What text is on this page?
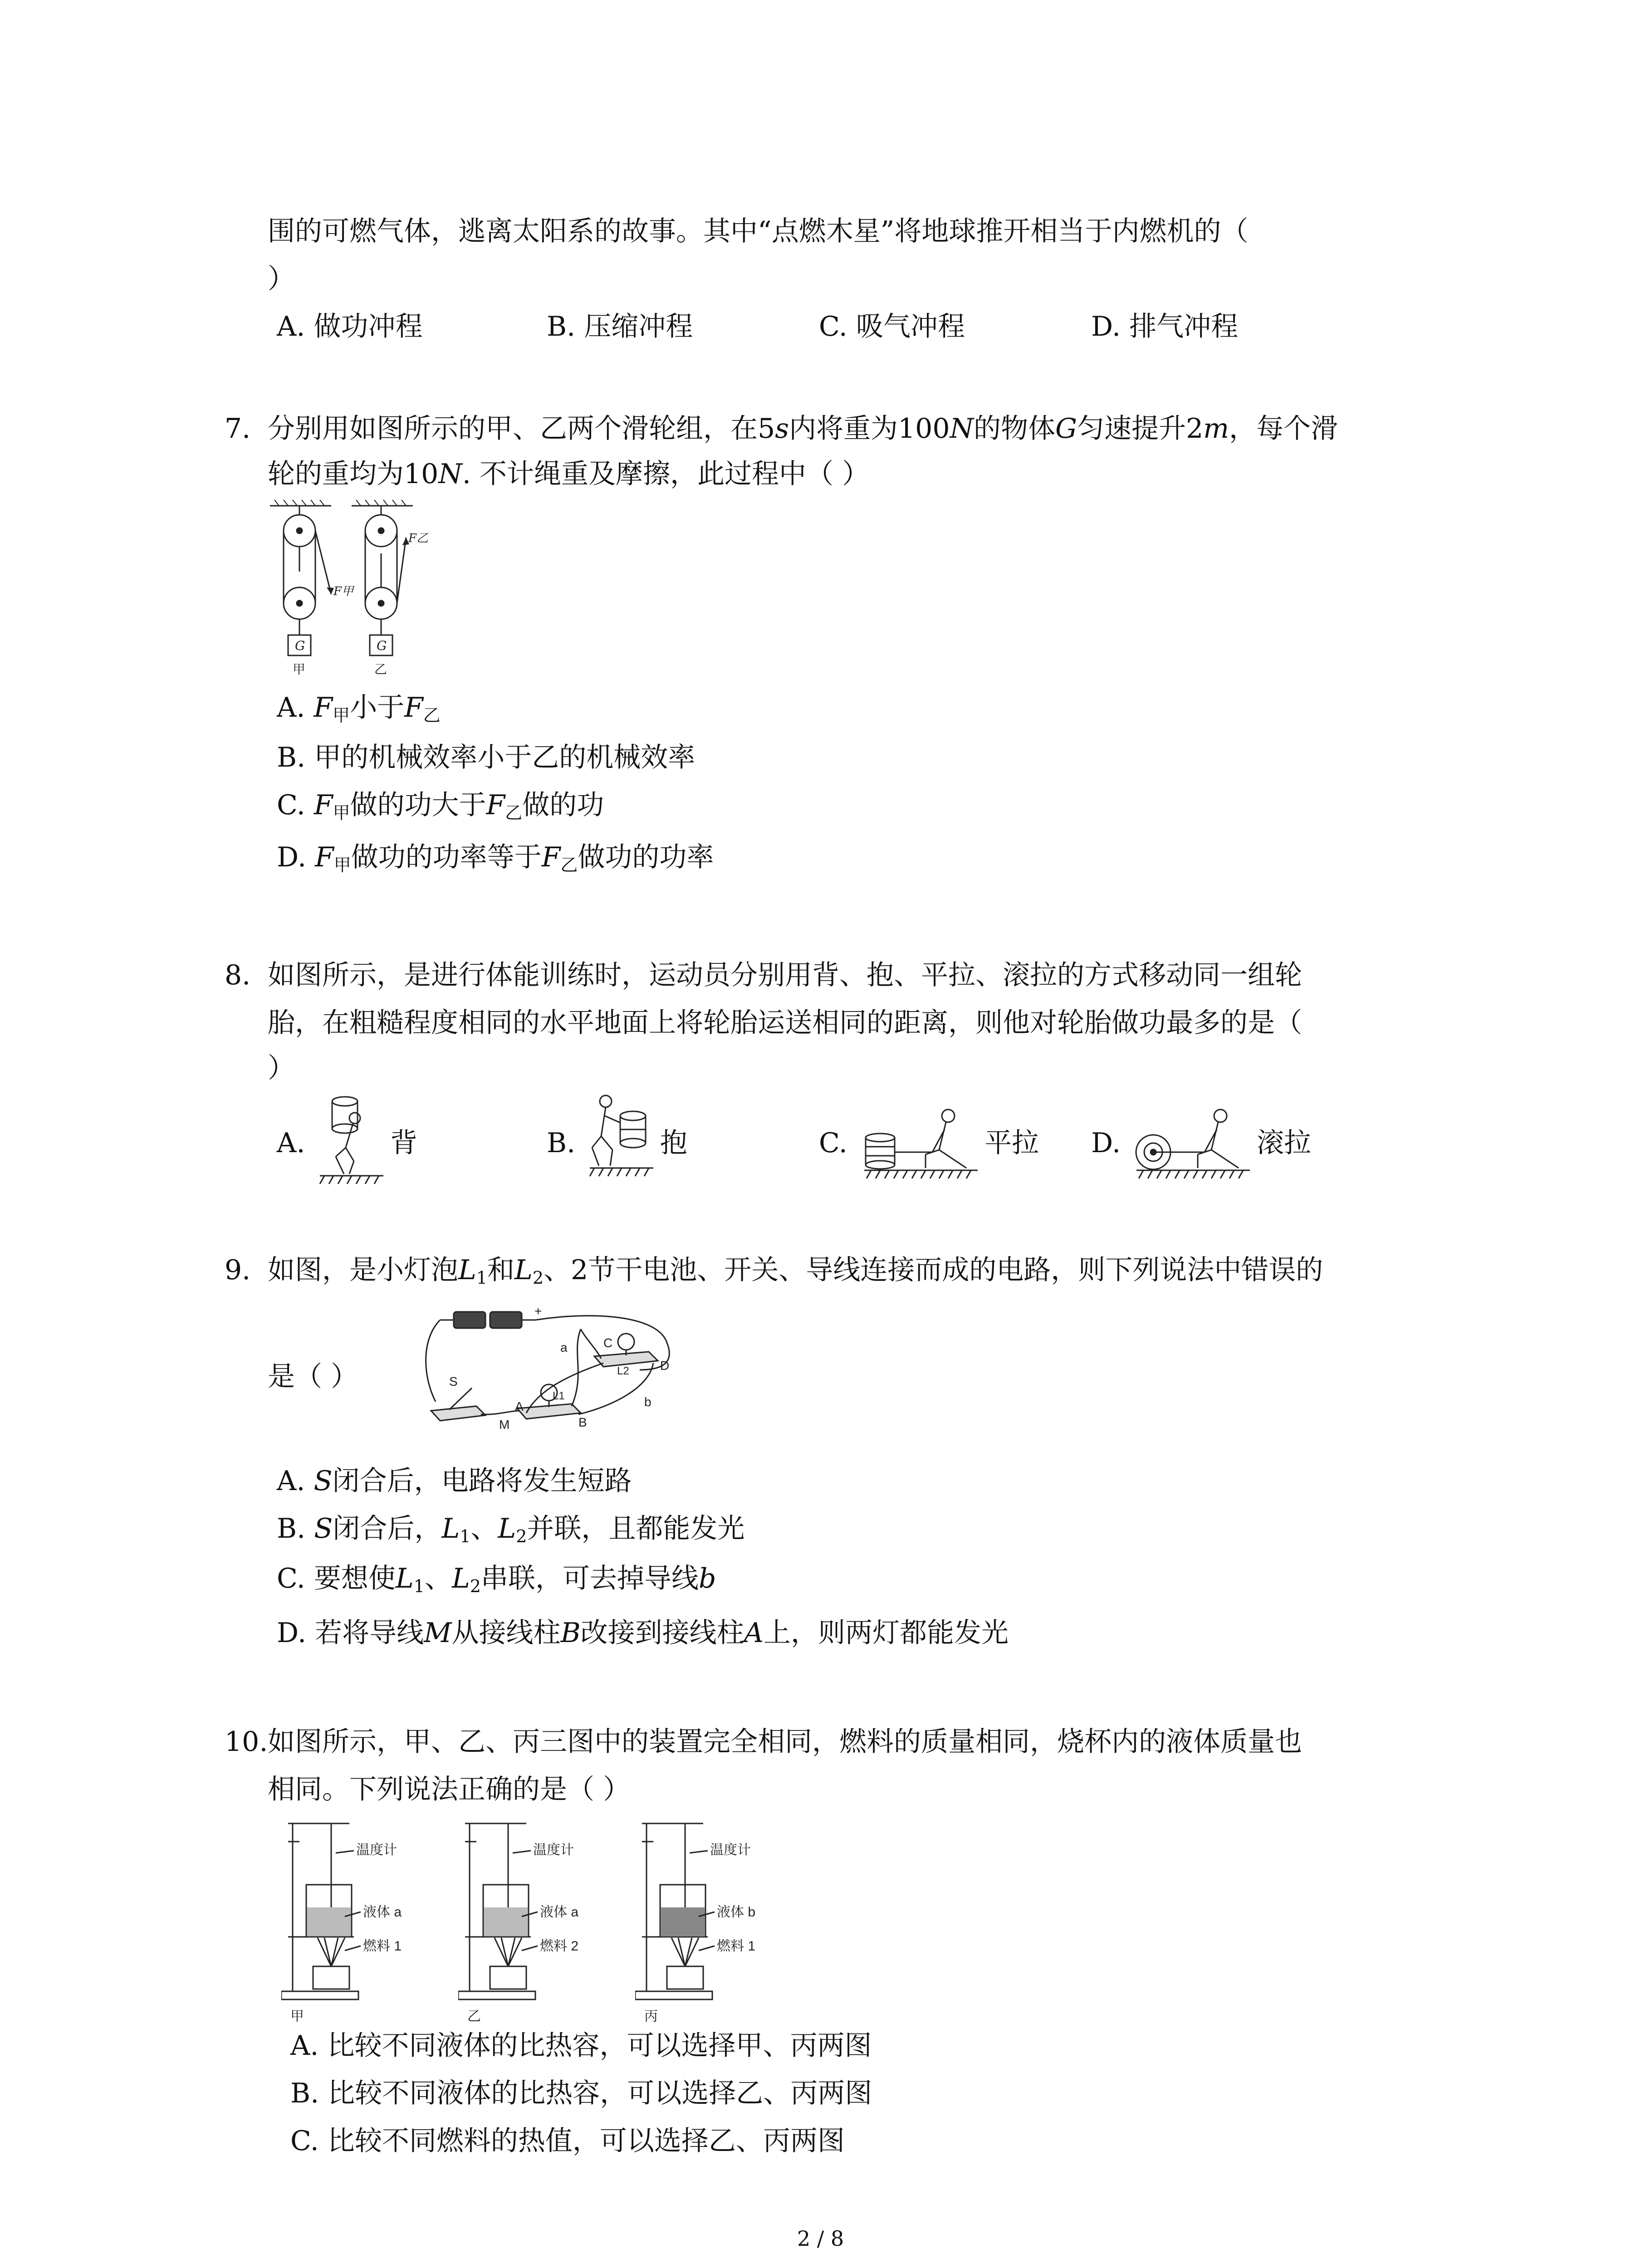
围的可燃气体，逃离太阳系的故事。其中“点燃木星”将地球推开相当于内燃机的（
）
A. 做功冲程	B. 压缩冲程	C. 吸气冲程	D. 排气冲程
7. 分别用如图所示的甲、乙两个滑轮组，在5s内将重为100N的物体G匀速提升2m，每个滑
轮的重均为10N. 不计绳重及摩擦，此过程中（ ）
G	G
F甲
F乙
甲	乙
A. $F_甲$小于$F_乙$
B. 甲的机械效率小于乙的机械效率
C. $F_甲$做的功大于$F_乙$做的功
D. $F_甲$做功的功率等于$F_乙$做功的功率
8. 如图所示，是进行体能训练时，运动员分别用背、抱、平拉、滚拉的方式移动同一组轮
胎，在粗糙程度相同的水平地面上将轮胎运送相同的距离，则他对轮胎做功最多的是（
）
A.	背	B.	抱	C.	平拉 D.	滚拉
9. 如图，是小灯泡$L_1$和$L_2$、2节干电池、开关、导线连接而成的电路，则下列说法中错误的
是（ ）
+
a
b
C
D
A
B
S
M
L1
L2
A. S闭合后，电路将发生短路
B. S闭合后，$L_1$、$L_2$并联，且都能发光
C. 要想使$L_1$、$L_2$串联，可去掉导线b
D. 若将导线M从接线柱B改接到接线柱A上，则两灯都能发光
10. 如图所示，甲、乙、丙三图中的装置完全相同，燃料的质量相同，烧杯内的液体质量也
相同。下列说法正确的是（ ）
温度计
液体 a
燃料 1
甲
温度计
液体 a
燃料 2
乙
温度计
液体 b
燃料 1
丙
A. 比较不同液体的比热容，可以选择甲、丙两图
B. 比较不同液体的比热容，可以选择乙、丙两图
C. 比较不同燃料的热值，可以选择乙、丙两图
2 / 8
